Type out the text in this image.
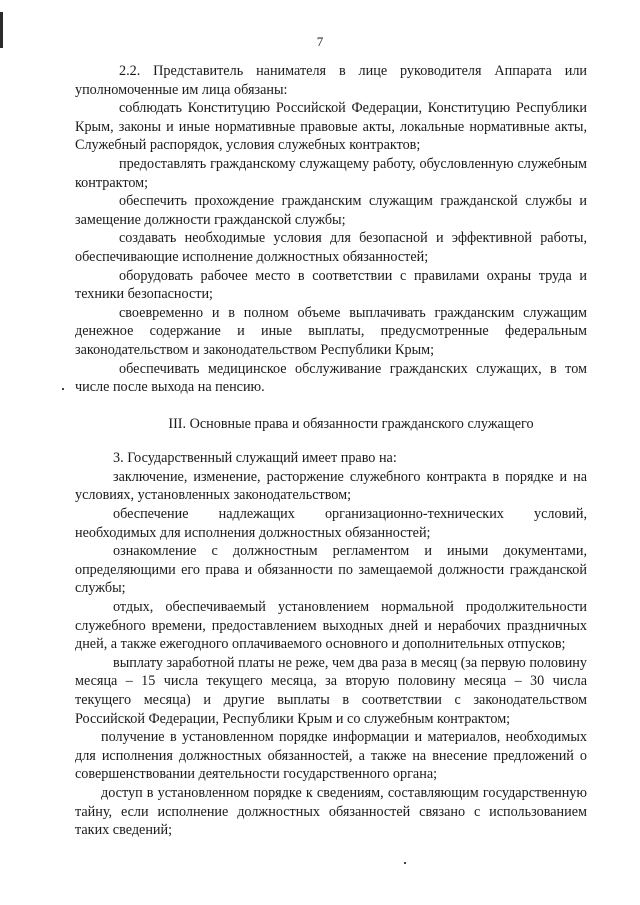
7

2.2. Представитель нанимателя в лице руководителя Аппарата или уполномоченные им лица обязаны:

соблюдать Конституцию Российской Федерации, Конституцию Республики Крым, законы и иные нормативные правовые акты, локальные нормативные акты, Служебный распорядок, условия служебных контрактов;

предоставлять гражданскому служащему работу, обусловленную служебным контрактом;

обеспечить прохождение гражданским служащим гражданской службы и замещение должности гражданской службы;

создавать необходимые условия для безопасной и эффективной работы, обеспечивающие исполнение должностных обязанностей;

оборудовать рабочее место в соответствии с правилами охраны труда и техники безопасности;

своевременно и в полном объеме выплачивать гражданским служащим денежное содержание и иные выплаты, предусмотренные федеральным законодательством и законодательством Республики Крым;

обеспечивать медицинское обслуживание гражданских служащих, в том числе после выхода на пенсию.

III. Основные права и обязанности гражданского служащего

3. Государственный служащий имеет право на:

заключение, изменение, расторжение служебного контракта в порядке и на условиях, установленных законодательством;

обеспечение надлежащих организационно-технических условий, необходимых для исполнения должностных обязанностей;

ознакомление с должностным регламентом и иными документами, определяющими его права и обязанности по замещаемой должности гражданской службы;

отдых, обеспечиваемый установлением нормальной продолжительности служебного времени, предоставлением выходных дней и нерабочих праздничных дней, а также ежегодного оплачиваемого основного и дополнительных отпусков;

выплату заработной платы не реже, чем два раза в месяц (за первую половину месяца – 15 числа текущего месяца, за вторую половину месяца – 30 числа текущего месяца) и другие выплаты в соответствии с законодательством Российской Федерации, Республики Крым и со служебным контрактом;

получение в установленном порядке информации и материалов, необходимых для исполнения должностных обязанностей, а также на внесение предложений о совершенствовании деятельности государственного органа;

доступ в установленном порядке к сведениям, составляющим государственную тайну, если исполнение должностных обязанностей связано с использованием таких сведений;
